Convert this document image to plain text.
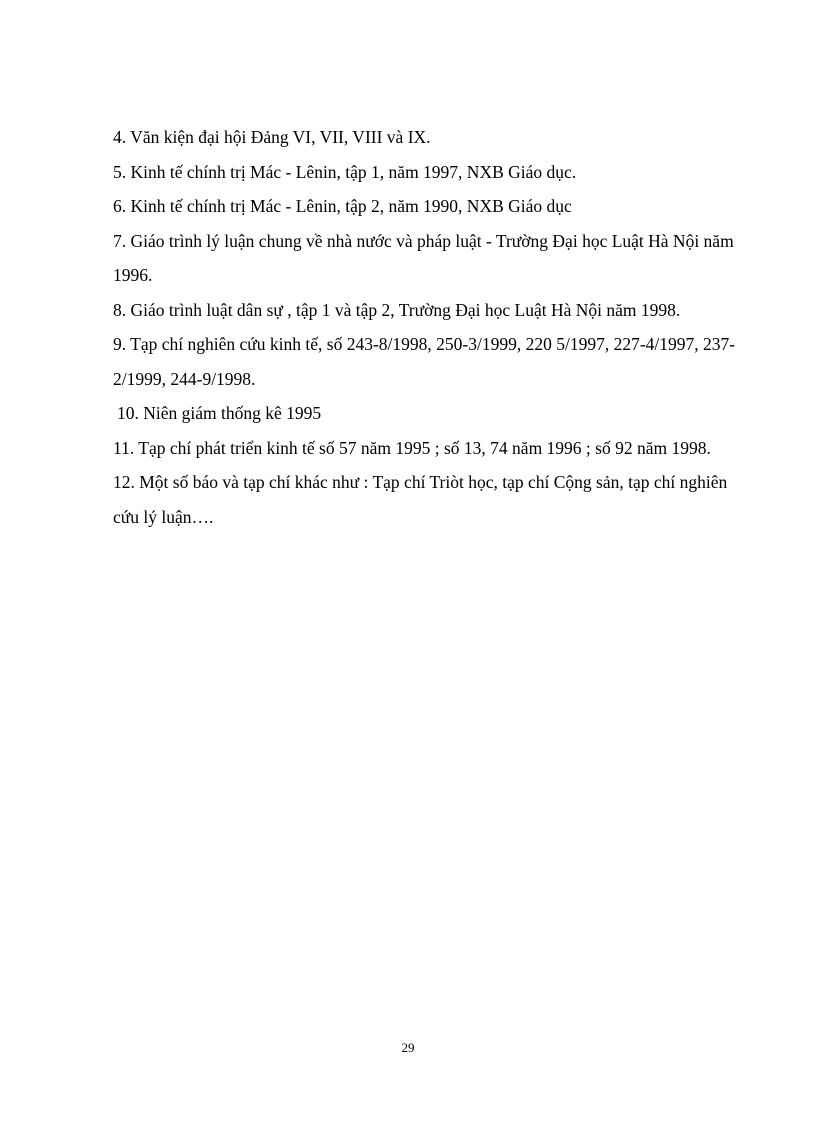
4. Văn kiện đại hội Đảng VI, VII, VIII và IX.
5. Kinh tế chính trị Mác - Lênin, tập 1, năm 1997, NXB Giáo dục.
6. Kinh tế chính trị Mác - Lênin, tập 2, năm 1990, NXB Giáo dục
7. Giáo trình lý luận chung về nhà nước và pháp luật - Trường Đại học Luật Hà Nội năm 1996.
8. Giáo trình luật dân sự , tập 1 và tập 2, Trường Đại học Luật Hà Nội năm 1998.
9. Tạp chí nghiên cứu kinh tế, số 243-8/1998, 250-3/1999, 220 5/1997, 227-4/1997, 237-2/1999, 244-9/1998.
10. Niên giám thống kê 1995
11. Tạp chí phát triển kinh tế số 57 năm 1995 ; số 13, 74 năm 1996 ; số 92 năm 1998.
12. Một số báo và tạp chí khác như : Tạp chí Triòt học, tạp chí Cộng sản, tạp chí nghiên cứu lý luận….
29
